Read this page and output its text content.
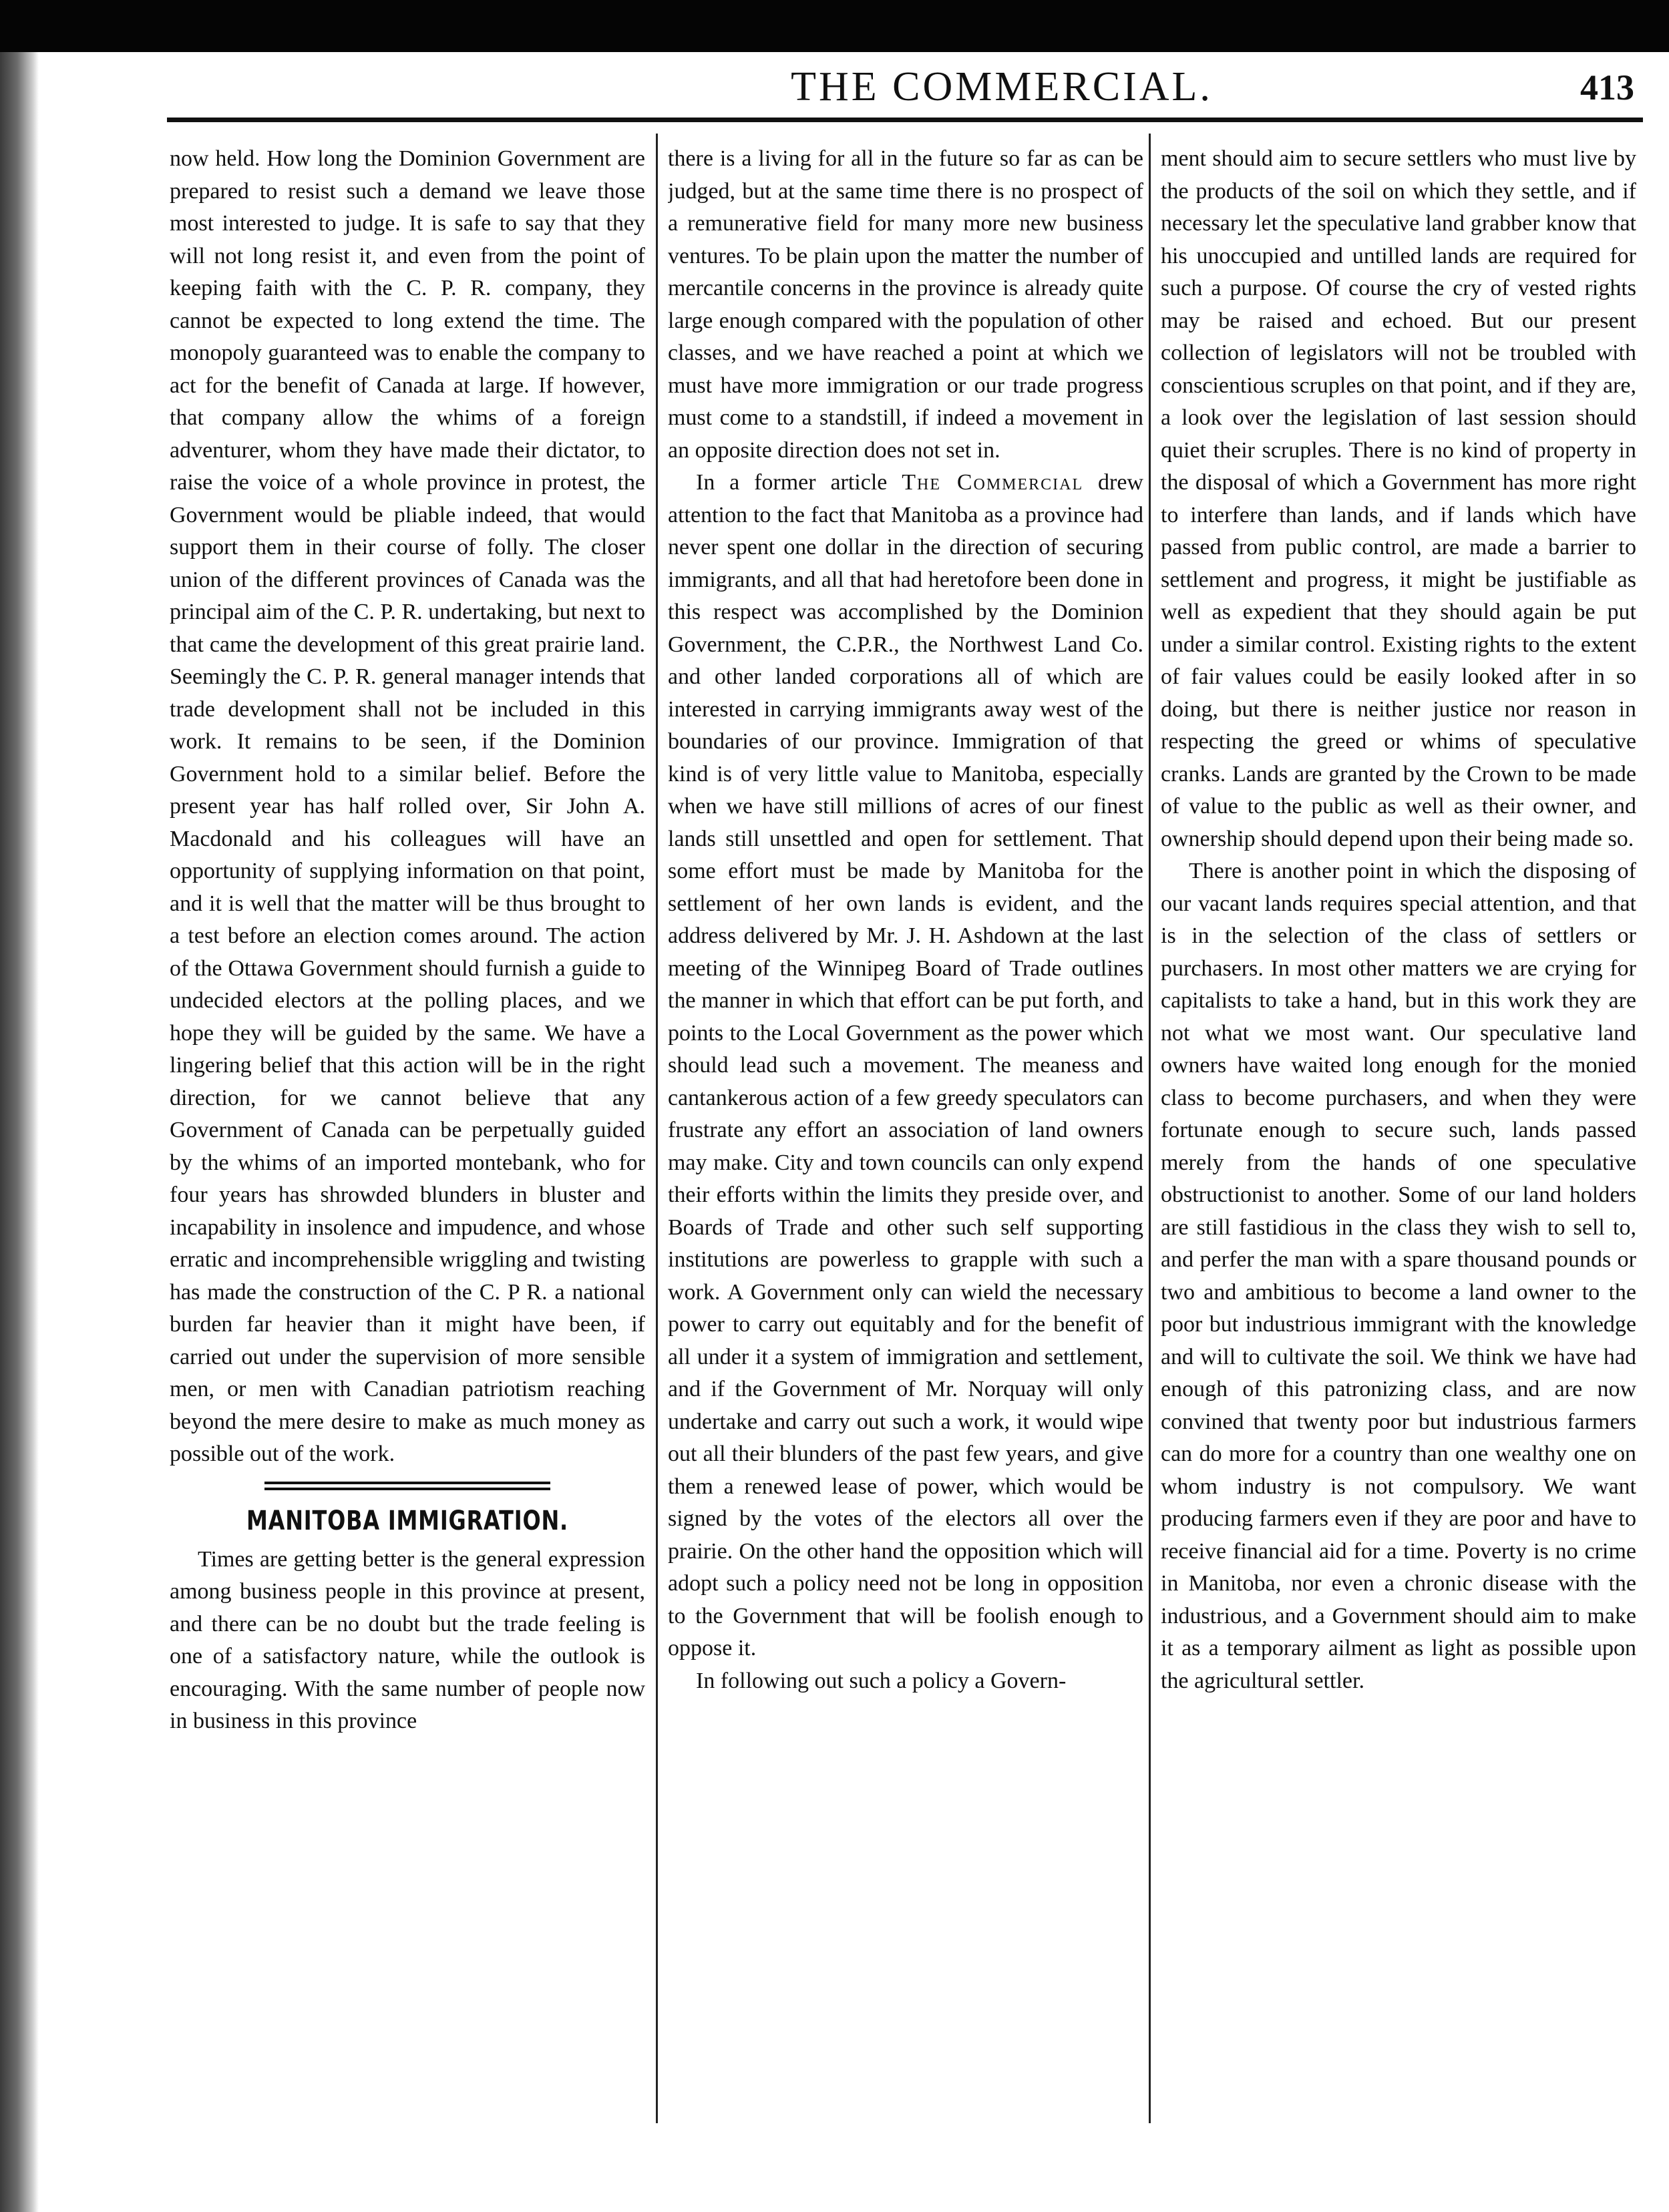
THE COMMERCIAL.	413

now held. How long the Dominion Government are prepared to resist such a demand we leave those most interested to judge. It is safe to say that they will not long resist it, and even from the point of keeping faith with the C. P. R. company, they cannot be expected to long extend the time. The monopoly guaranteed was to enable the company to act for the benefit of Canada at large. If however, that company allow the whims of a foreign adventurer, whom they have made their dictator, to raise the voice of a whole province in protest, the Government would be pliable indeed, that would support them in their course of folly. The closer union of the different provinces of Canada was the principal aim of the C. P. R. undertaking, but next to that came the development of this great prairie land. Seemingly the C. P. R. general manager intends that trade development shall not be included in this work. It remains to be seen, if the Dominion Government hold to a similar belief. Before the present year has half rolled over, Sir John A. Macdonald and his colleagues will have an opportunity of supplying information on that point, and it is well that the matter will be thus brought to a test before an election comes around. The action of the Ottawa Government should furnish a guide to undecided electors at the polling places, and we hope they will be guided by the same. We have a lingering belief that this action will be in the right direction, for we cannot believe that any Government of Canada can be perpetually guided by the whims of an imported montebank, who for four years has shrowded blunders in bluster and incapability in insolence and impudence, and whose erratic and incomprehensible wriggling and twisting has made the construction of the C. P R. a national burden far heavier than it might have been, if carried out under the supervision of more sensible men, or men with Canadian patriotism reaching beyond the mere desire to make as much money as possible out of the work.

MANITOBA IMMIGRATION.

Times are getting better is the general expression among business people in this province at present, and there can be no doubt but the trade feeling is one of a satisfactory nature, while the outlook is encouraging. With the same number of people now in business in this province

there is a living for all in the future so far as can be judged, but at the same time there is no prospect of a remunerative field for many more new business ventures. To be plain upon the matter the number of mercantile concerns in the province is already quite large enough compared with the population of other classes, and we have reached a point at which we must have more immigration or our trade progress must come to a standstill, if indeed a movement in an opposite direction does not set in.

In a former article The Commercial drew attention to the fact that Manitoba as a province had never spent one dollar in the direction of securing immigrants, and all that had heretofore been done in this respect was accomplished by the Dominion Government, the C.P.R., the Northwest Land Co. and other landed corporations all of which are interested in carrying immigrants away west of the boundaries of our province. Immigration of that kind is of very little value to Manitoba, especially when we have still millions of acres of our finest lands still unsettled and open for settlement. That some effort must be made by Manitoba for the settlement of her own lands is evident, and the address delivered by Mr. J. H. Ashdown at the last meeting of the Winnipeg Board of Trade outlines the manner in which that effort can be put forth, and points to the Local Government as the power which should lead such a movement. The meaness and cantankerous action of a few greedy speculators can frustrate any effort an association of land owners may make. City and town councils can only expend their efforts within the limits they preside over, and Boards of Trade and other such self supporting institutions are powerless to grapple with such a work. A Government only can wield the necessary power to carry out equitably and for the benefit of all under it a system of immigration and settlement, and if the Government of Mr. Norquay will only undertake and carry out such a work, it would wipe out all their blunders of the past few years, and give them a renewed lease of power, which would be signed by the votes of the electors all over the prairie. On the other hand the opposition which will adopt such a policy need not be long in opposition to the Government that will be foolish enough to oppose it.

In following out such a policy a Govern-

ment should aim to secure settlers who must live by the products of the soil on which they settle, and if necessary let the speculative land grabber know that his unoccupied and untilled lands are required for such a purpose. Of course the cry of vested rights may be raised and echoed. But our present collection of legislators will not be troubled with conscientious scruples on that point, and if they are, a look over the legislation of last session should quiet their scruples. There is no kind of property in the disposal of which a Government has more right to interfere than lands, and if lands which have passed from public control, are made a barrier to settlement and progress, it might be justifiable as well as expedient that they should again be put under a similar control. Existing rights to the extent of fair values could be easily looked after in so doing, but there is neither justice nor reason in respecting the greed or whims of speculative cranks. Lands are granted by the Crown to be made of value to the public as well as their owner, and ownership should depend upon their being made so.

There is another point in which the disposing of our vacant lands requires special attention, and that is in the selection of the class of settlers or purchasers. In most other matters we are crying for capitalists to take a hand, but in this work they are not what we most want. Our speculative land owners have waited long enough for the monied class to become purchasers, and when they were fortunate enough to secure such, lands passed merely from the hands of one speculative obstructionist to another. Some of our land holders are still fastidious in the class they wish to sell to, and perfer the man with a spare thousand pounds or two and ambitious to become a land owner to the poor but industrious immigrant with the knowledge and will to cultivate the soil. We think we have had enough of this patronizing class, and are now convined that twenty poor but industrious farmers can do more for a country than one wealthy one on whom industry is not compulsory. We want producing farmers even if they are poor and have to receive financial aid for a time. Poverty is no crime in Manitoba, nor even a chronic disease with the industrious, and a Government should aim to make it as a temporary ailment as light as possible upon the agricultural settler.
